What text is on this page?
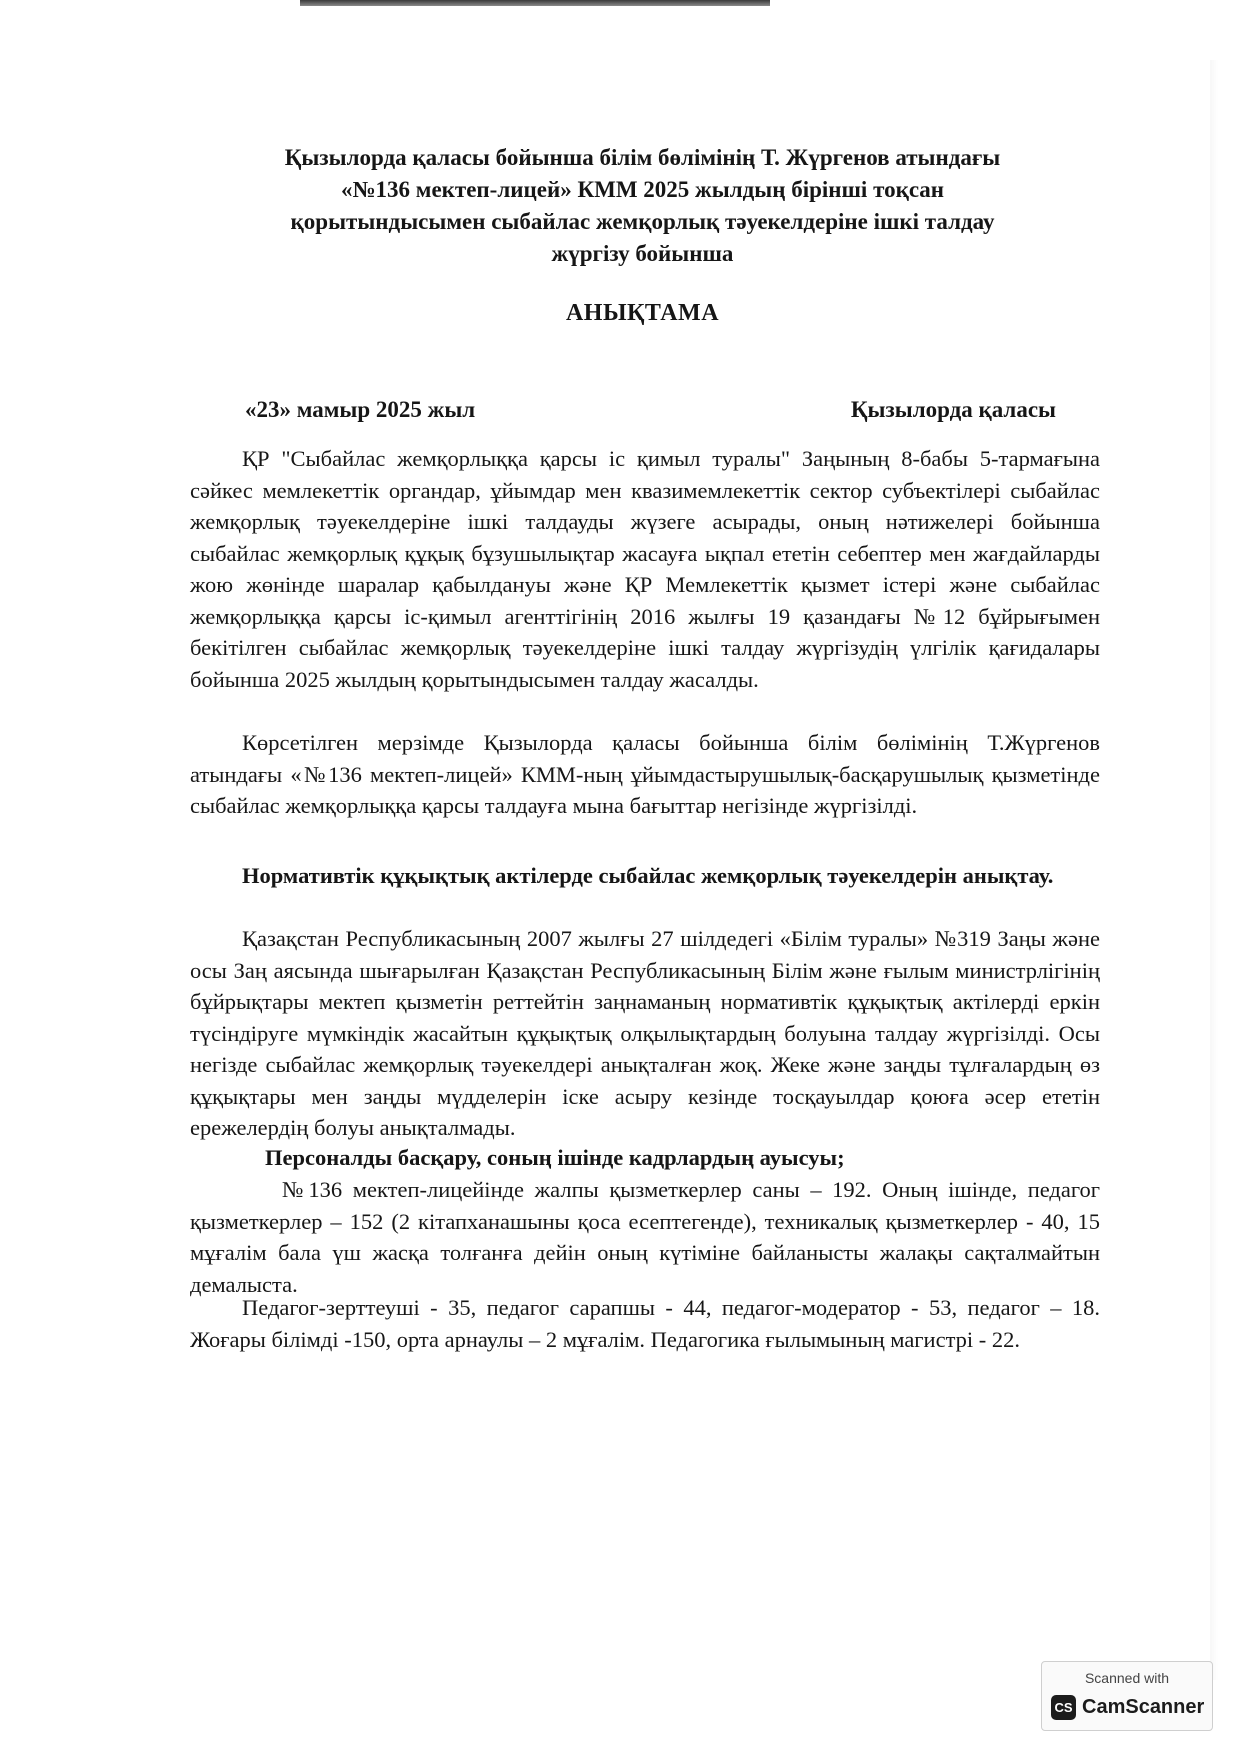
Қызылорда қаласы бойынша білім бөлімінің Т. Жүргенов атындағы
«№136 мектеп-лицей» КММ 2025 жылдың бірінші тоқсан
қорытындысымен сыбайлас жемқорлық тәуекелдеріне ішкі талдау
жүргізу бойынша
АНЫҚТАМА
«23» мамыр 2025 жыл	Қызылорда қаласы
ҚР "Сыбайлас жемқорлыққа қарсы іс қимыл туралы" Заңының 8-бабы 5-тармағына сәйкес мемлекеттік органдар, ұйымдар мен квазимемлекеттік сектор субъектілері сыбайлас жемқорлық тәуекелдеріне ішкі талдауды жүзеге асырады, оның нәтижелері бойынша сыбайлас жемқорлық құқық бұзушылықтар жасауға ықпал ететін себептер мен жағдайларды жою жөнінде шаралар қабылдануы және ҚР Мемлекеттік қызмет істері және сыбайлас жемқорлыққа қарсы іс-қимыл агенттігінің 2016 жылғы 19 қазандағы №12 бұйрығымен бекітілген сыбайлас жемқорлық тәуекелдеріне ішкі талдау жүргізудің үлгілік қағидалары бойынша 2025 жылдың қорытындысымен талдау жасалды.
Көрсетілген мерзімде Қызылорда қаласы бойынша білім бөлімінің Т.Жүргенов атындағы «№136 мектеп-лицей» КММ-ның ұйымдастырушылық-басқарушылық қызметінде сыбайлас жемқорлыққа қарсы талдауға мына бағыттар негізінде жүргізілді.
Нормативтік құқықтық актілерде сыбайлас жемқорлық тәуекелдерін анықтау.
Қазақстан Республикасының 2007 жылғы 27 шілдедегі «Білім туралы» №319 Заңы және осы Заң аясында шығарылған Қазақстан Республикасының Білім және ғылым министрлігінің бұйрықтары мектеп қызметін реттейтін заңнаманың нормативтік құқықтық актілерді еркін түсіндіруге мүмкіндік жасайтын құқықтық олқылықтардың болуына талдау жүргізілді. Осы негізде сыбайлас жемқорлық тәуекелдері анықталған жоқ. Жеке және заңды тұлғалардың өз құқықтары мен заңды мүдделерін іске асыру кезінде тосқауылдар қоюға әсер ететін ережелердің болуы анықталмады.
Персоналды басқару, соның ішінде кадрлардың ауысуы;
№136 мектеп-лицейінде жалпы қызметкерлер саны – 192. Оның ішінде, педагог қызметкерлер – 152 (2 кітапханашыны қоса есептегенде), техникалық қызметкерлер - 40, 15 мұғалім бала үш жасқа толғанға дейін оның күтіміне байланысты жалақы сақталмайтын демалыста.
Педагог-зерттеуші - 35, педагог сарапшы - 44, педагог-модератор - 53, педагог – 18. Жоғары білімді -150, орта арнаулы – 2 мұғалім. Педагогика ғылымының магистрі - 22.
Scanned with
CS CamScanner
